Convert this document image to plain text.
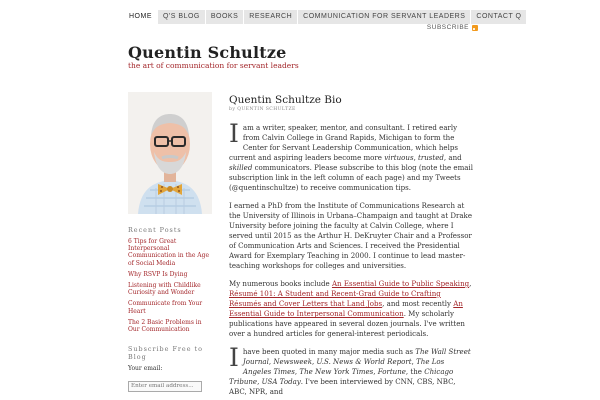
HOME	Q'S BLOG	BOOKS	RESEARCH	COMMUNICATION FOR SERVANT LEADERS	CONTACT Q
SUBSCRIBE
Quentin Schultze
the art of communication for servant leaders
Recent Posts
6 Tips for Great Interpersonal Communication in the Age of Social Media
Why RSVP Is Dying
Listening with Childlike Curiosity and Wonder
Communicate from Your Heart
The 2 Basic Problems in Our Communication
Subscribe Free to Blog
Your email:
Enter email address...
Quentin Schultze Bio
by QUENTIN SCHULTZE

Iam a writer, speaker, mentor, and consultant. I retired early from Calvin College in Grand Rapids, Michigan to form the Center for Servant Leadership Communication, which helps current and aspiring leaders become more virtuous, trusted, and skilled communicators. Please subscribe to this blog (note the email subscription link in the left column of each page) and my Tweets (@quentinschultze) to receive communication tips.

I earned a PhD from the Institute of Communications Research at the University of Illinois in Urbana–Champaign and taught at Drake University before joining the faculty at Calvin College, where I served until 2015 as the Arthur H. DeKruyter Chair and a Professor of Communication Arts and Sciences. I received the Presidential Award for Exemplary Teaching in 2000. I continue to lead master-teaching workshops for colleges and universities.

My numerous books include An Essential Guide to Public Speaking, Résumé 101: A Student and Recent-Grad Guide to Crafting Résumés and Cover Letters that Land Jobs, and most recently An Essential Guide to Interpersonal Communication. My scholarly publications have appeared in several dozen journals. I've written over a hundred articles for general-interest periodicals.

Ihave been quoted in many major media such as The Wall Street Journal, Newsweek, U.S. News & World Report, The Los Angeles Times, The New York Times, Fortune, the Chicago Tribune, USA Today. I've been interviewed by CNN, CBS, NBC, ABC, NPR, and
